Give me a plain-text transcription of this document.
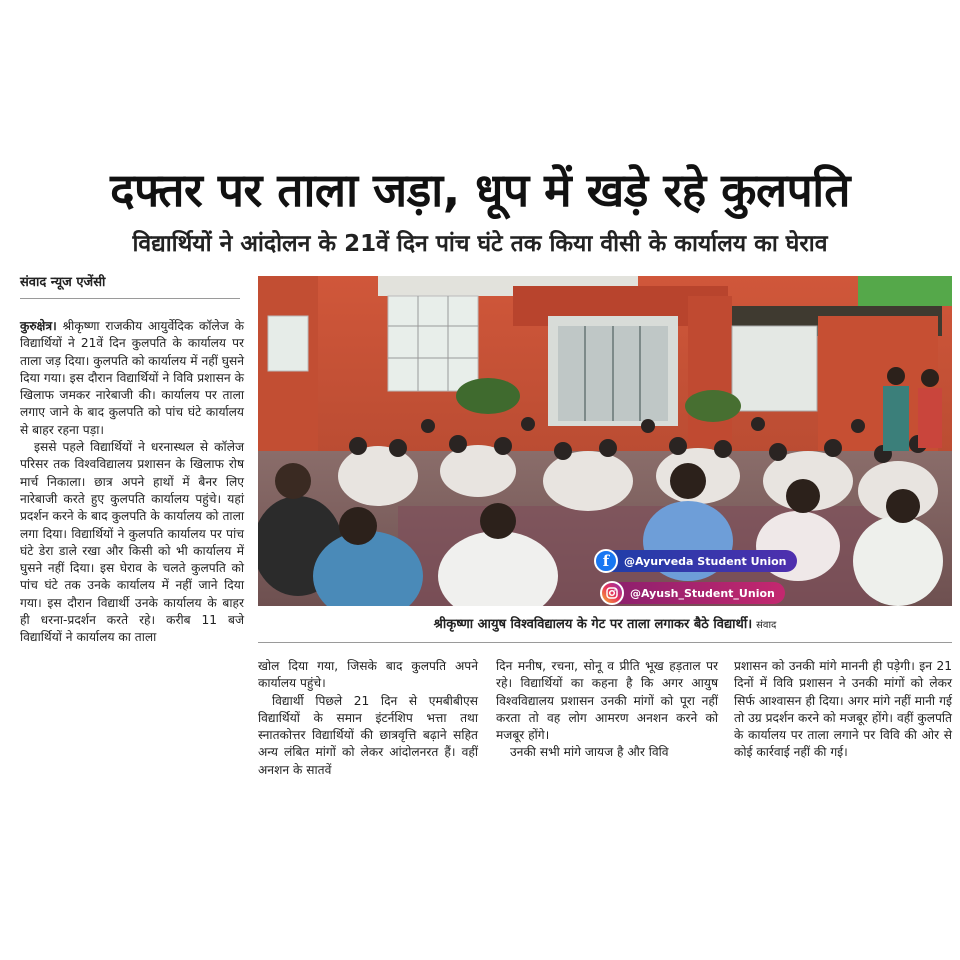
दफ्तर पर ताला जड़ा, धूप में खड़े रहे कुलपति
विद्यार्थियों ने आंदोलन के 21वें दिन पांच घंटे तक किया वीसी के कार्यालय का घेराव
संवाद न्यूज एजेंसी

कुरुक्षेत्र। श्रीकृष्णा राजकीय आयुर्वेदिक कॉलेज के विद्यार्थियों ने 21वें दिन कुलपति के कार्यालय पर ताला जड़ दिया। कुलपति को कार्यालय में नहीं घुसने दिया गया। इस दौरान विद्यार्थियों ने विवि प्रशासन के खिलाफ जमकर नारेबाजी की। कार्यालय पर ताला लगाए जाने के बाद कुलपति को पांच घंटे कार्यालय से बाहर रहना पड़ा।

इससे पहले विद्यार्थियों ने धरनास्थल से कॉलेज परिसर तक विश्वविद्यालय प्रशासन के खिलाफ रोष मार्च निकाला। छात्र अपने हाथों में बैनर लिए नारेबाजी करते हुए कुलपति कार्यालय पहुंचे। यहां प्रदर्शन करने के बाद कुलपति के कार्यालय को ताला लगा दिया। विद्यार्थियों ने कुलपति कार्यालय पर पांच घंटे डेरा डाले रखा और किसी को भी कार्यालय में घुसने नहीं दिया। इस घेराव के चलते कुलपति को पांच घंटे तक उनके कार्यालय में नहीं जाने दिया गया। इस दौरान विद्यार्थी उनके कार्यालय के बाहर ही धरना-प्रदर्शन करते रहे। करीब 11 बजे विद्यार्थियों ने कार्यालय का ताला

f	@Ayurveda Student Union
@Ayush_Student_Union
श्रीकृष्णा आयुष विश्वविद्यालय के गेट पर ताला लगाकर बैठे विद्यार्थी। संवाद

खोल दिया गया, जिसके बाद कुलपति अपने कार्यालय पहुंचे।

विद्यार्थी पिछले 21 दिन से एमबीबीएस विद्यार्थियों के समान इंटर्नशिप भत्ता तथा स्नातकोत्तर विद्यार्थियों की छात्रवृत्ति बढ़ाने सहित अन्य लंबित मांगों को लेकर आंदोलनरत हैं। वहीं अनशन के सातवें

दिन मनीष, रचना, सोनू व प्रीति भूख हड़ताल पर रहे। विद्यार्थियों का कहना है कि अगर आयुष विश्वविद्यालय प्रशासन उनकी मांगों को पूरा नहीं करता तो वह लोग आमरण अनशन करने को मजबूर होंगे।

उनकी सभी मांगे जायज है और विवि

प्रशासन को उनकी मांगे माननी ही पड़ेगी। इन 21 दिनों में विवि प्रशासन ने उनकी मांगों को लेकर सिर्फ आश्वासन ही दिया। अगर मांगे नहीं मानी गई तो उग्र प्रदर्शन करने को मजबूर होंगे। वहीं कुलपति के कार्यालय पर ताला लगाने पर विवि की ओर से कोई कार्रवाई नहीं की गई।
